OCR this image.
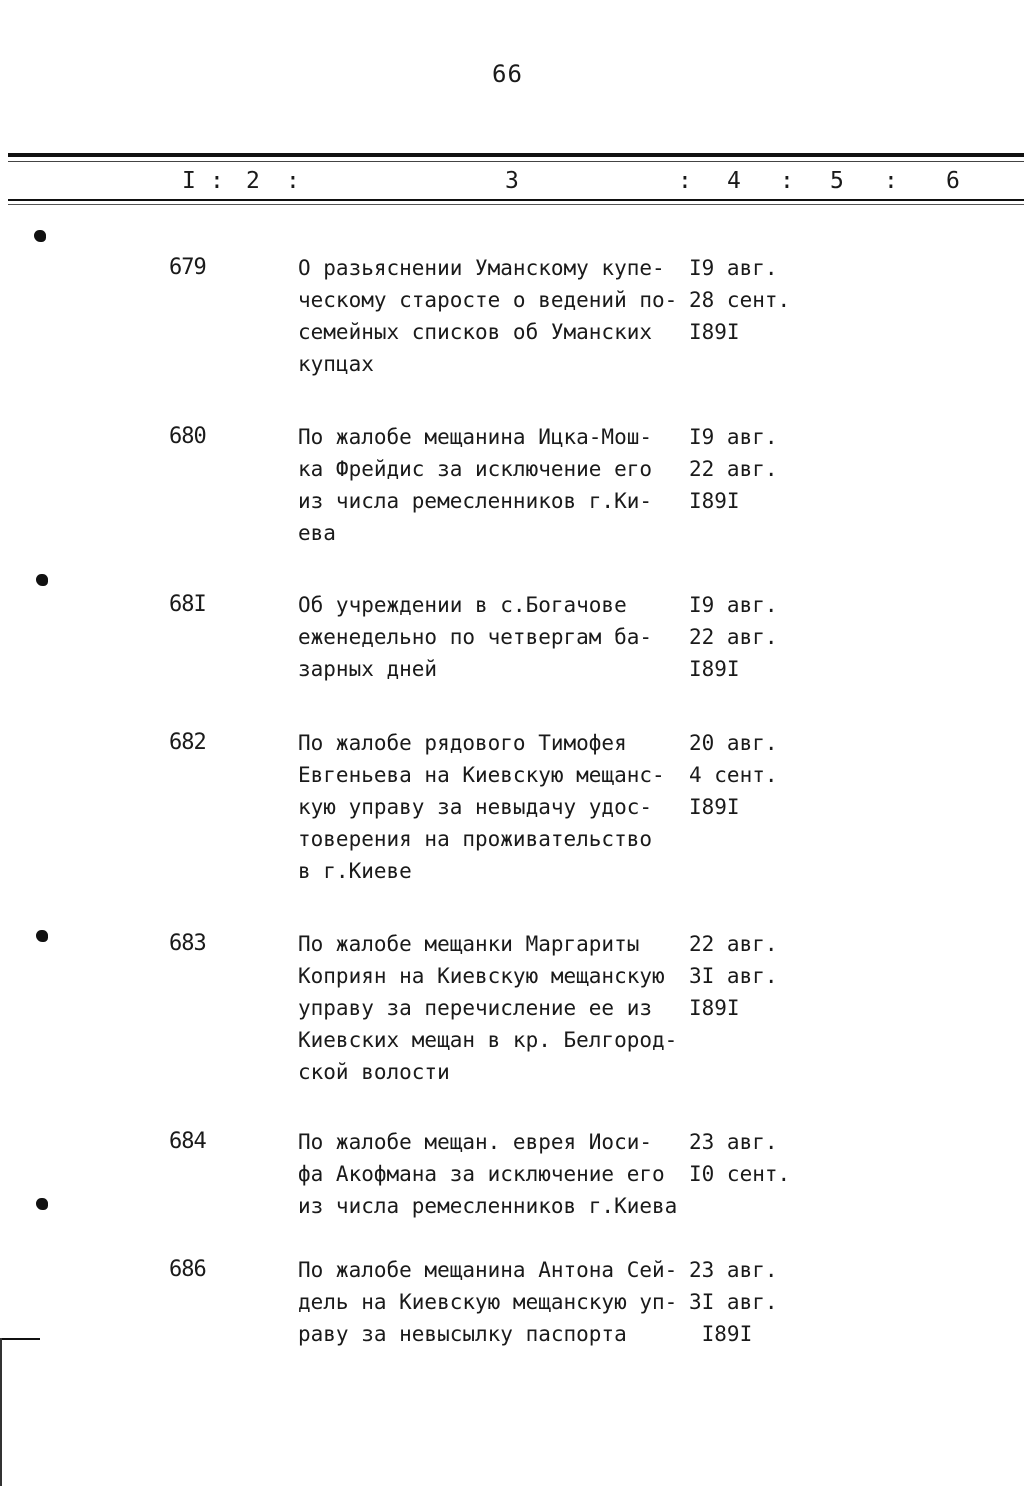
66
I : 2 :	3	: 4 : 5 : 6
679	О разьяснении Уманскому купе-
ческому старосте о ведений по-
семейных списков об Уманских
купцах
I9 авг.
28 сент.
I89I
680	По жалобе мещанина Ицка-Мош-
ка Фрейдис за исключение его
из числа ремесленников г.Ки-
ева
I9 авг.
22 авг.
I89I
68I	Об учреждении в с.Богачове
еженедельно по четвергам ба-
зарных дней
I9 авг.
22 авг.
I89I
682	По жалобе рядового Тимофея
Евгеньева на Киевскую мещанс-
кую управу за невыдачу удос-
товерения на проживательство
в г.Киеве
20 авг.
4 сент.
I89I
683	По жалобе мещанки Маргариты
Коприян на Киевскую мещанскую
управу за перечисление ее из
Киевских мещан в кр. Белгород-
ской волости
22 авг.
3I авг.
I89I
684	По жалобе мещан. еврея Иоси-
фа Акофмана за исключение его
из числа ремесленников г.Киева
23 авг.
I0 сент.
686	По жалобе мещанина Антона Сей-
дель на Киевскую мещанскую уп-
раву за невысылку паспорта
23 авг.
3I авг.
I89I
